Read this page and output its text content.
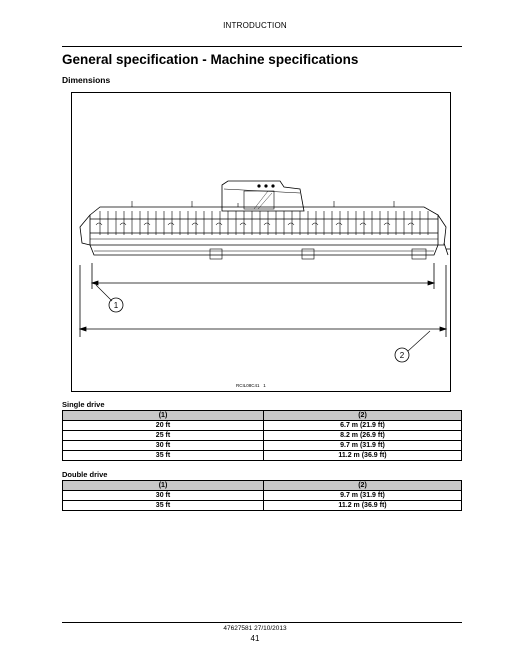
INTRODUCTION
General specification - Machine specifications
Dimensions
1
2
RCIL08C41 1
Single drive
(1)	(2)
20 ft	6.7 m (21.9 ft)
25 ft	8.2 m (26.9 ft)
30 ft	9.7 m (31.9 ft)
35 ft	11.2 m (36.9 ft)
Double drive
(1)	(2)
30 ft	9.7 m (31.9 ft)
35 ft	11.2 m (36.9 ft)
47627581 27/10/2013
41
